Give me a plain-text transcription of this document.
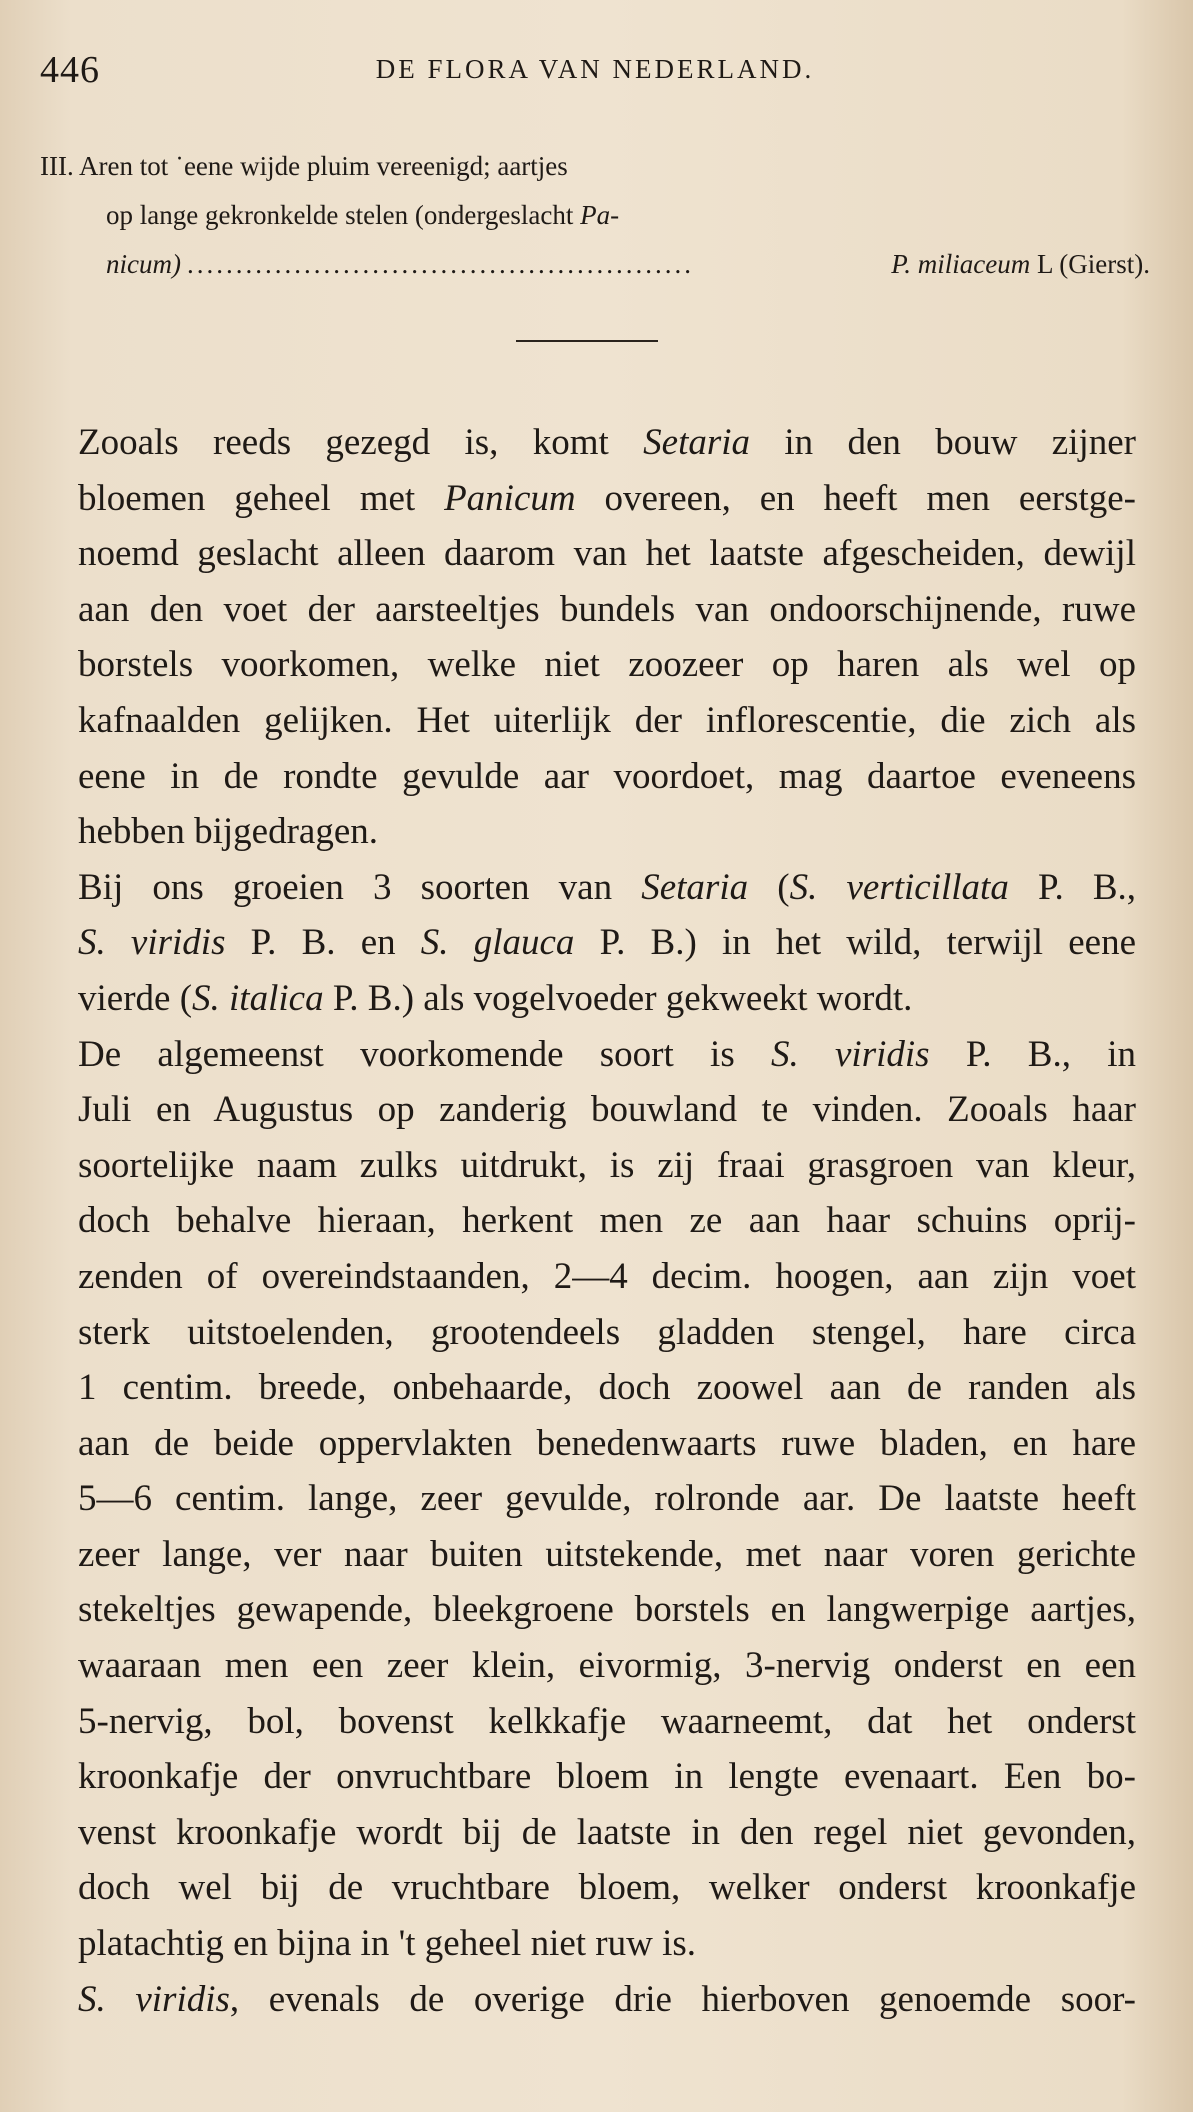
446	DE FLORA VAN NEDERLAND.
III. Aren tot ˙eene wijde pluim vereenigd; aartjes
op lange gekronkelde stelen (ondergeslacht Pa-
nicum) ....................................................	P. miliaceum L (Gierst).
Zooals reeds gezegd is, komt Setaria in den bouw zijner
bloemen geheel met Panicum overeen, en heeft men eerstge-
noemd geslacht alleen daarom van het laatste afgescheiden, dewijl
aan den voet der aarsteeltjes bundels van ondoorschijnende, ruwe
borstels voorkomen, welke niet zoozeer op haren als wel op
kafnaalden gelijken. Het uiterlijk der inflorescentie, die zich als
eene in de rondte gevulde aar voordoet, mag daartoe eveneens
hebben bijgedragen.
Bij ons groeien 3 soorten van Setaria (S. verticillata P. B.,
S. viridis P. B. en S. glauca P. B.) in het wild, terwijl eene
vierde (S. italica P. B.) als vogelvoeder gekweekt wordt.
De algemeenst voorkomende soort is S. viridis P. B., in
Juli en Augustus op zanderig bouwland te vinden. Zooals haar
soortelijke naam zulks uitdrukt, is zij fraai grasgroen van kleur,
doch behalve hieraan, herkent men ze aan haar schuins oprij-
zenden of overeindstaanden, 2—4 decim. hoogen, aan zijn voet
sterk uitstoelenden, grootendeels gladden stengel, hare circa
1 centim. breede, onbehaarde, doch zoowel aan de randen als
aan de beide oppervlakten benedenwaarts ruwe bladen, en hare
5—6 centim. lange, zeer gevulde, rolronde aar. De laatste heeft
zeer lange, ver naar buiten uitstekende, met naar voren gerichte
stekeltjes gewapende, bleekgroene borstels en langwerpige aartjes,
waaraan men een zeer klein, eivormig, 3-nervig onderst en een
5-nervig, bol, bovenst kelkkafje waarneemt, dat het onderst
kroonkafje der onvruchtbare bloem in lengte evenaart. Een bo-
venst kroonkafje wordt bij de laatste in den regel niet gevonden,
doch wel bij de vruchtbare bloem, welker onderst kroonkafje
platachtig en bijna in 't geheel niet ruw is.
S. viridis, evenals de overige drie hierboven genoemde soor-
